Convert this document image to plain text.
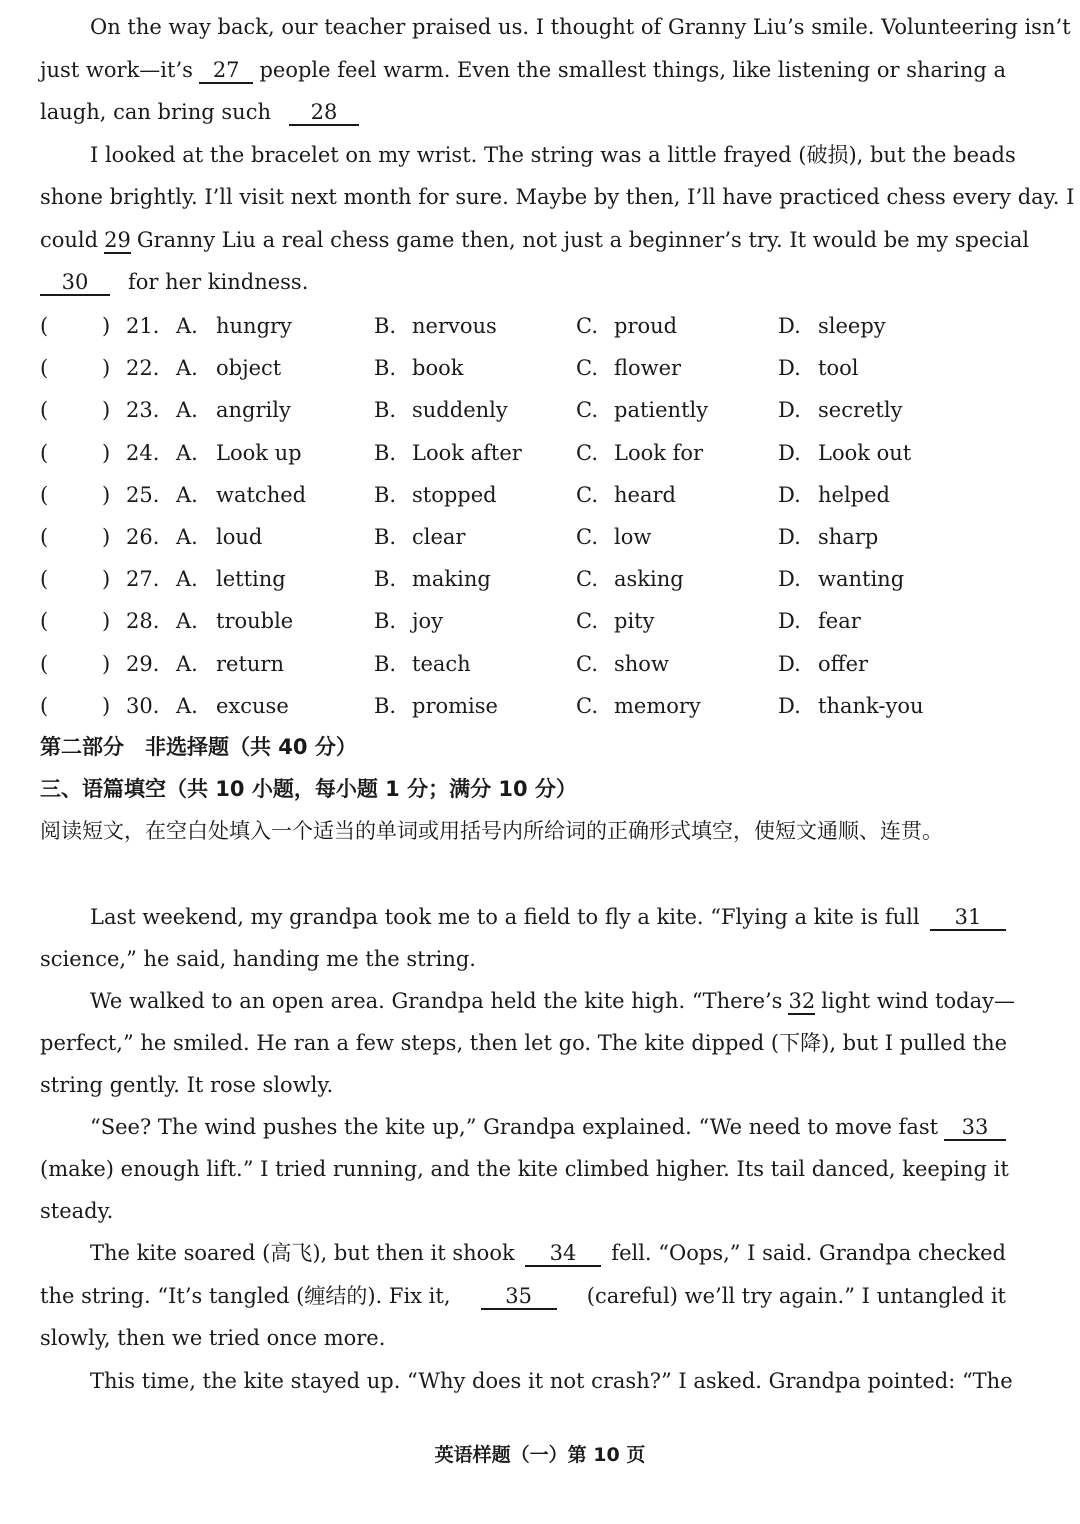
On the way back, our teacher praised us. I thought of Granny Liu’s smile. Volunteering isn’t
just work—it’s 27 people feel warm. Even the smallest things, like listening or sharing a
laugh, can bring such	28
I looked at the bracelet on my wrist. The string was a little frayed (破损), but the beads
shone brightly. I’ll visit next month for sure. Maybe by then, I’ll have practiced chess every day. I
could 29 Granny Liu a real chess game then, not just a beginner’s try. It would be my special
30	for her kindness.
(	) 21. A. hungry	B. nervous	C. proud	D. sleepy
(	) 22. A. object	B. book	C. flower	D. tool
(	) 23. A. angrily	B. suddenly	C. patiently	D. secretly
(	) 24. A. Look up	B. Look after	C. Look for	D. Look out
(	) 25. A. watched	B. stopped	C. heard	D. helped
(	) 26. A. loud	B. clear	C. low	D. sharp
(	) 27. A. letting	B. making	C. asking	D. wanting
(	) 28. A. trouble	B. joy	C. pity	D. fear
(	) 29. A. return	B. teach	C. show	D. offer
(	) 30. A. excuse	B. promise	C. memory	D. thank-you
第二部分　非选择题（共 40 分）
三、语篇填空（共 10 小题，每小题 1 分；满分 10 分）
阅读短文，在空白处填入一个适当的单词或用括号内所给词的正确形式填空，使短文通顺、连贯。
Last weekend, my grandpa took me to a field to fly a kite. “Flying a kite is full	31
science,” he said, handing me the string.
We walked to an open area. Grandpa held the kite high. “There’s 32 light wind today—
perfect,” he smiled. He ran a few steps, then let go. The kite dipped (下降), but I pulled the
string gently. It rose slowly.
“See? The wind pushes the kite up,” Grandpa explained. “We need to move fast	33
(make) enough lift.” I tried running, and the kite climbed higher. Its tail danced, keeping it
steady.
The kite soared (高飞), but then it shook	34	fell. “Oops,” I said. Grandpa checked
the string. “It’s tangled (缠结的). Fix it,	35	(careful) we’ll try again.” I untangled it
slowly, then we tried once more.
This time, the kite stayed up. “Why does it not crash?” I asked. Grandpa pointed: “The
英语样题（一）第 10 页
